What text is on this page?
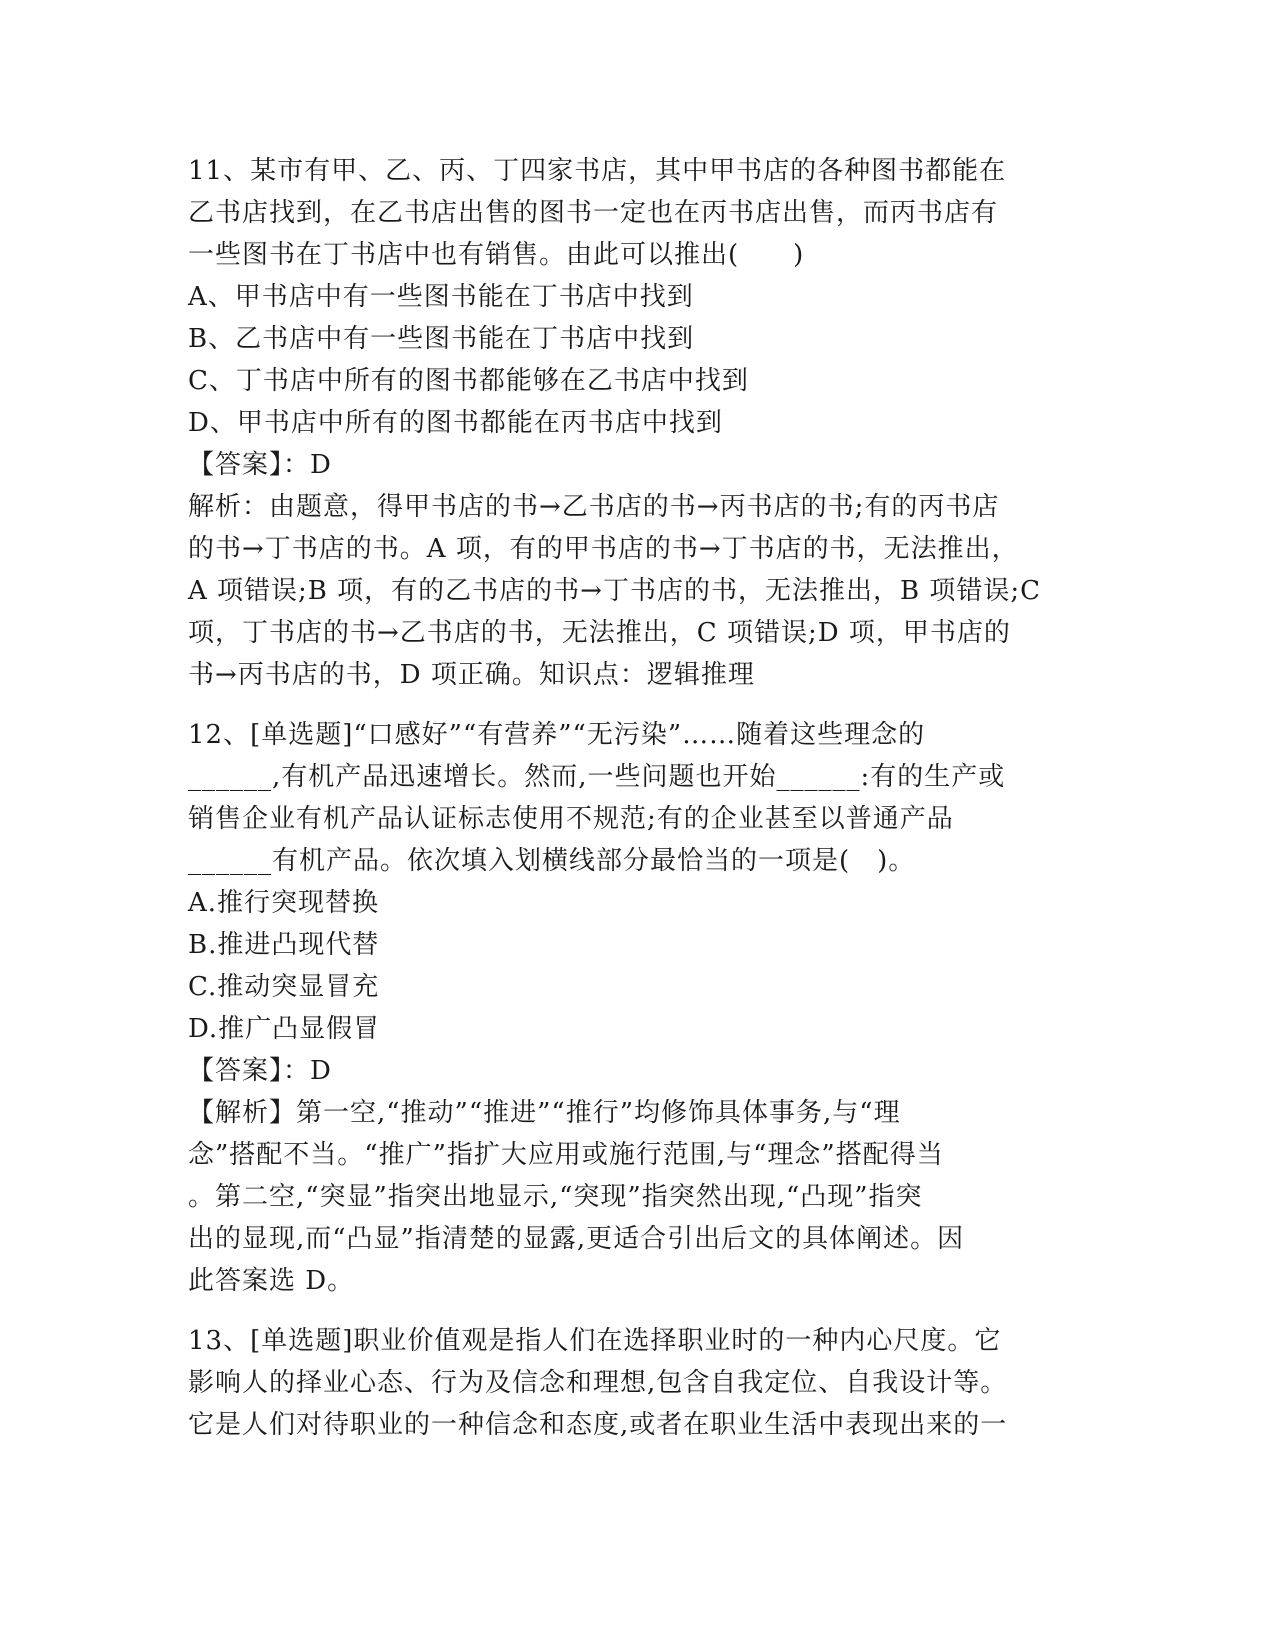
11、某市有甲、乙、丙、丁四家书店，其中甲书店的各种图书都能在
乙书店找到，在乙书店出售的图书一定也在丙书店出售，而丙书店有
一些图书在丁书店中也有销售。由此可以推出(　　)
A、甲书店中有一些图书能在丁书店中找到
B、乙书店中有一些图书能在丁书店中找到
C、丁书店中所有的图书都能够在乙书店中找到
D、甲书店中所有的图书都能在丙书店中找到
【答案】：D
解析：由题意，得甲书店的书→乙书店的书→丙书店的书;有的丙书店
的书→丁书店的书。A 项，有的甲书店的书→丁书店的书，无法推出，
A 项错误;B 项，有的乙书店的书→丁书店的书，无法推出，B 项错误;C
项，丁书店的书→乙书店的书，无法推出，C 项错误;D 项，甲书店的
书→丙书店的书，D 项正确。知识点：逻辑推理
12、[单选题]“口感好”“有营养”“无污染”……随着这些理念的
______,有机产品迅速增长。然而,一些问题也开始______:有的生产或
销售企业有机产品认证标志使用不规范;有的企业甚至以普通产品
______有机产品。依次填入划横线部分最恰当的一项是(　)。
A.推行突现替换
B.推进凸现代替
C.推动突显冒充
D.推广凸显假冒
【答案】：D
【解析】第一空,“推动”“推进”“推行”均修饰具体事务,与“理
念”搭配不当。“推广”指扩大应用或施行范围,与“理念”搭配得当
。第二空,“突显”指突出地显示,“突现”指突然出现,“凸现”指突
出的显现,而“凸显”指清楚的显露,更适合引出后文的具体阐述。因
此答案选 D。
13、[单选题]职业价值观是指人们在选择职业时的一种内心尺度。它
影响人的择业心态、行为及信念和理想,包含自我定位、自我设计等。
它是人们对待职业的一种信念和态度,或者在职业生活中表现出来的一
